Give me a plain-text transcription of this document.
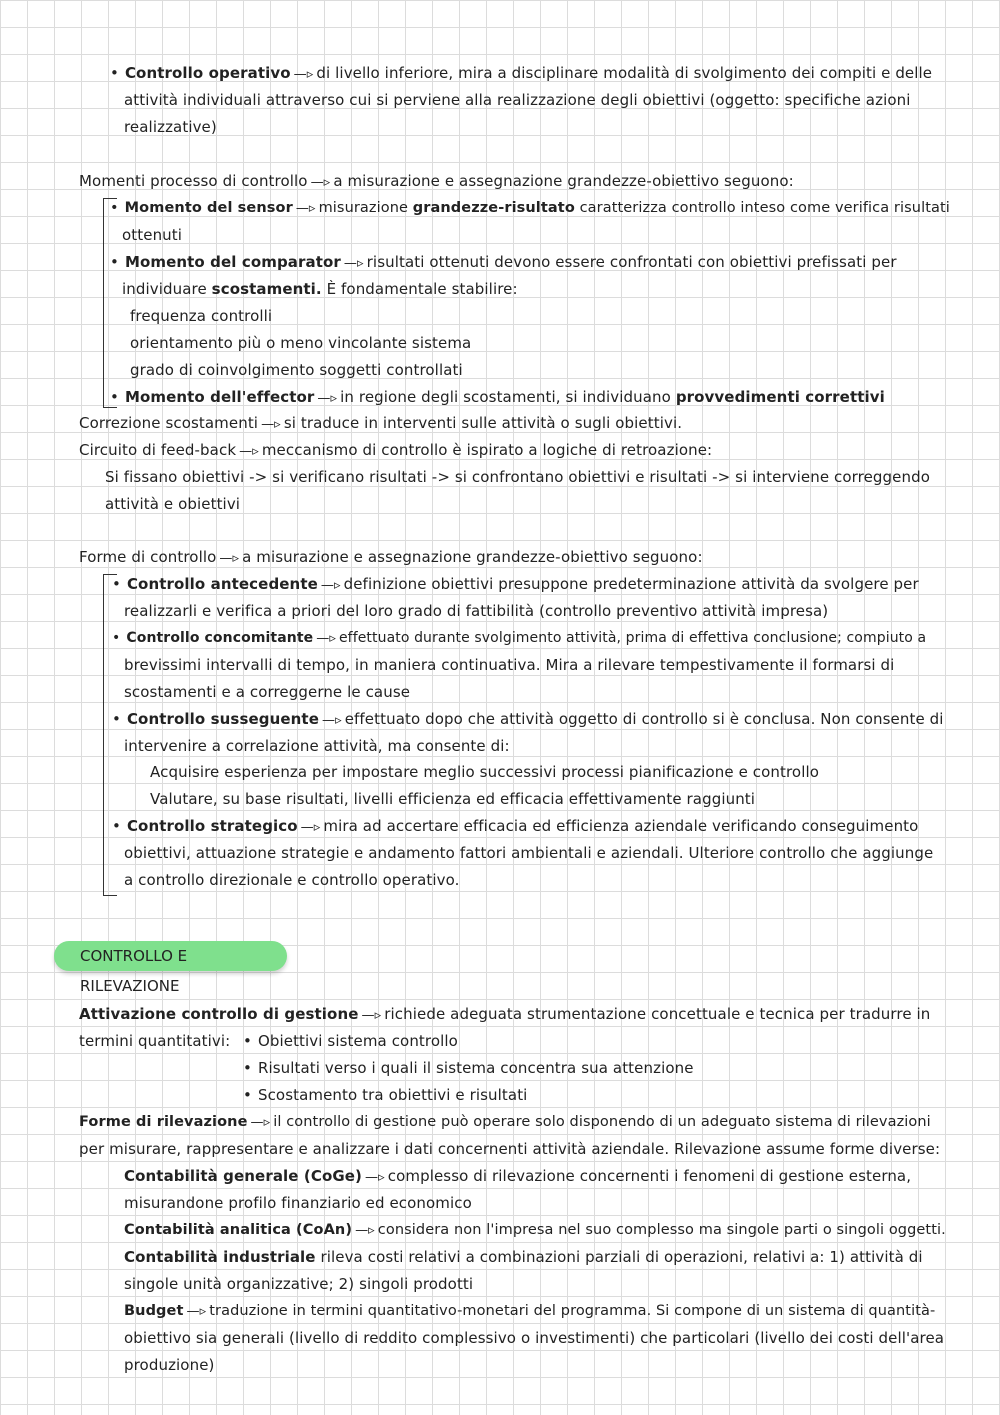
• Controllo operativo —▹ di livello inferiore, mira a disciplinare modalità di svolgimento dei compiti e delle
attività individuali attraverso cui si perviene alla realizzazione degli obiettivi (oggetto: specifiche azioni
realizzative)
Momenti processo di controllo —▹ a misurazione e assegnazione grandezze-obiettivo seguono:
• Momento del sensor —▹ misurazione grandezze-risultato caratterizza controllo inteso come verifica risultati
ottenuti
• Momento del comparator —▹ risultati ottenuti devono essere confrontati con obiettivi prefissati per
individuare scostamenti. È fondamentale stabilire:
frequenza controlli
orientamento più o meno vincolante sistema
grado di coinvolgimento soggetti controllati
• Momento dell'effector —▹ in regione degli scostamenti, si individuano provvedimenti correttivi
Correzione scostamenti —▹ si traduce in interventi sulle attività o sugli obiettivi.
Circuito di feed-back —▹ meccanismo di controllo è ispirato a logiche di retroazione:
Si fissano obiettivi -> si verificano risultati -> si confrontano obiettivi e risultati -> si interviene correggendo
attività e obiettivi
Forme di controllo —▹ a misurazione e assegnazione grandezze-obiettivo seguono:
• Controllo antecedente —▹ definizione obiettivi presuppone predeterminazione attività da svolgere per
realizzarli e verifica a priori del loro grado di fattibilità (controllo preventivo attività impresa)
• Controllo concomitante —▹ effettuato durante svolgimento attività, prima di effettiva conclusione; compiuto a
brevissimi intervalli di tempo, in maniera continuativa. Mira a rilevare tempestivamente il formarsi di
scostamenti e a correggerne le cause
• Controllo susseguente —▹ effettuato dopo che attività oggetto di controllo si è conclusa. Non consente di
intervenire a correlazione attività, ma consente di:
Acquisire esperienza per impostare meglio successivi processi pianificazione e controllo
Valutare, su base risultati, livelli efficienza ed efficacia effettivamente raggiunti
• Controllo strategico —▹ mira ad accertare efficacia ed efficienza aziendale verificando conseguimento
obiettivi, attuazione strategie e andamento fattori ambientali e aziendali. Ulteriore controllo che aggiunge
a controllo direzionale e controllo operativo.
CONTROLLO E RILEVAZIONE
Attivazione controllo di gestione —▹ richiede adeguata strumentazione concettuale e tecnica per tradurre in
termini quantitativi: • Obiettivi sistema controllo
• Risultati verso i quali il sistema concentra sua attenzione
• Scostamento tra obiettivi e risultati
Forme di rilevazione —▹ il controllo di gestione può operare solo disponendo di un adeguato sistema di rilevazioni
per misurare, rappresentare e analizzare i dati concernenti attività aziendale. Rilevazione assume forme diverse:
Contabilità generale (CoGe) —▹ complesso di rilevazione concernenti i fenomeni di gestione esterna,
misurandone profilo finanziario ed economico
Contabilità analitica (CoAn) —▹ considera non l'impresa nel suo complesso ma singole parti o singoli oggetti.
Contabilità industriale rileva costi relativi a combinazioni parziali di operazioni, relativi a: 1) attività di
singole unità organizzative; 2) singoli prodotti
Budget —▹ traduzione in termini quantitativo-monetari del programma. Si compone di un sistema di quantità-
obiettivo sia generali (livello di reddito complessivo o investimenti) che particolari (livello dei costi dell'area
produzione)
